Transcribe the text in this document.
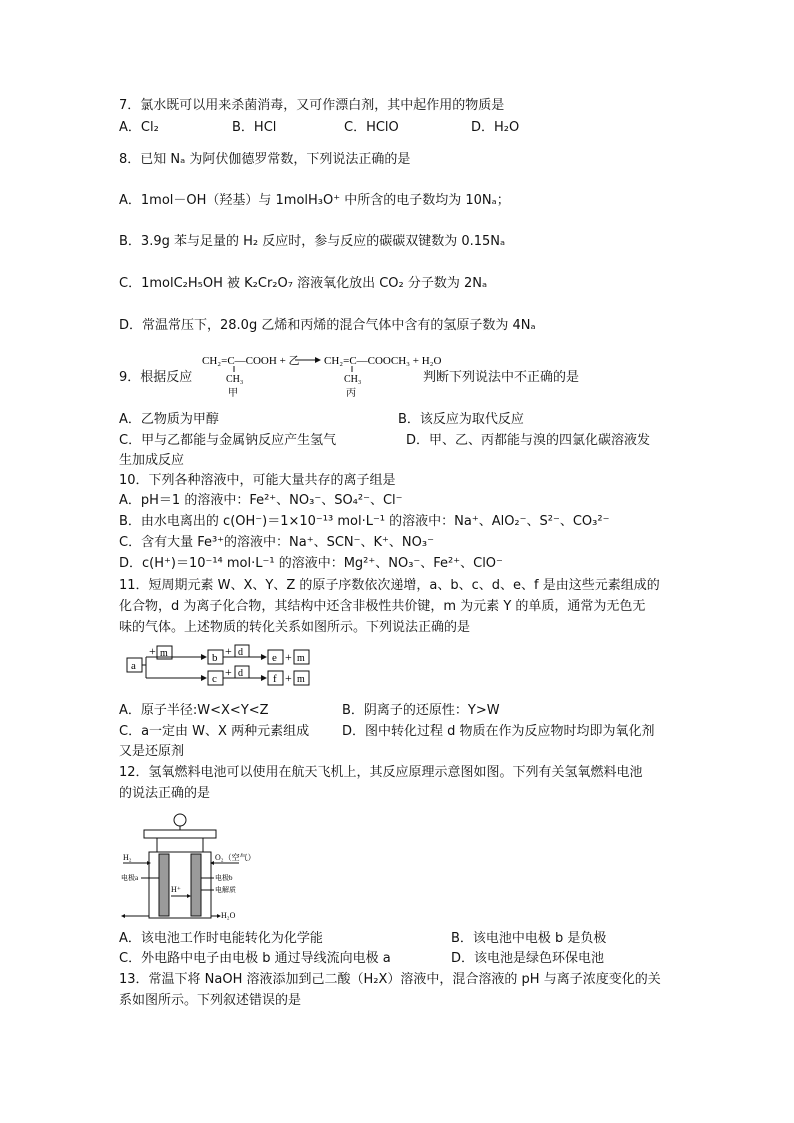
7．氯水既可以用来杀菌消毒，又可作漂白剂，其中起作用的物质是
A．Cl₂	B．HCl	C．HClO	D．H₂O
8．已知 Nₐ 为阿伏伽德罗常数，下列说法正确的是
A．1mol－OH（羟基）与 1molH₃O⁺ 中所含的电子数均为 10Nₐ；
B．3.9g 苯与足量的 H₂ 反应时，参与反应的碳碳双键数为 0.15Nₐ
C．1molC₂H₅OH 被 K₂Cr₂O₇ 溶液氧化放出 CO₂ 分子数为 2Nₐ
D．常温常压下，28.0g 乙烯和丙烯的混合气体中含有的氢原子数为 4Nₐ
9．根据反应
CH₂=C—COOH + 乙 CH₂=C—COOCH₃ + H₂O
CH₃
甲
CH₃
丙
判断下列说法中不正确的是
A．乙物质为甲醇	B．该反应为取代反应
C．甲与乙都能与金属钠反应产生氢气	D．甲、乙、丙都能与溴的四氯化碳溶液发
生加成反应
10．下列各种溶液中，可能大量共存的离子组是
A．pH＝1 的溶液中：Fe²⁺、NO₃⁻、SO₄²⁻、Cl⁻
B．由水电离出的 c(OH⁻)＝1×10⁻¹³ mol·L⁻¹ 的溶液中：Na⁺、AlO₂⁻、S²⁻、CO₃²⁻
C．含有大量 Fe³⁺的溶液中：Na⁺、SCN⁻、K⁺、NO₃⁻
D．c(H⁺)＝10⁻¹⁴ mol·L⁻¹ 的溶液中：Mg²⁺、NO₃⁻、Fe²⁺、ClO⁻
11．短周期元素 W、X、Y、Z 的原子序数依次递增，a、b、c、d、e、f 是由这些元素组成的
化合物，d 为离子化合物，其结构中还含非极性共价键，m 为元素 Y 的单质，通常为无色无
味的气体。上述物质的转化关系如图所示。下列说法正确的是
a
+ m	b
c
+ d	e + m
+ d	f + m
A．原子半径:W<X<Y<Z	B．阴离子的还原性：Y>W
C．a一定由 W、X 两种元素组成	D．图中转化过程 d 物质在作为反应物时均即为氧化剂
又是还原剂
12．氢氧燃料电池可以使用在航天飞机上，其反应原理示意图如图。下列有关氢氧燃料电池
的说法正确的是
H₂	O₂（空气）
H⁺
电极a	电极b
电解质
H₂O
A．该电池工作时电能转化为化学能	B．该电池中电极 b 是负极
C．外电路中电子由电极 b 通过导线流向电极 a	D．该电池是绿色环保电池
13．常温下将 NaOH 溶液添加到己二酸（H₂X）溶液中，混合溶液的 pH 与离子浓度变化的关
系如图所示。下列叙述错误的是
